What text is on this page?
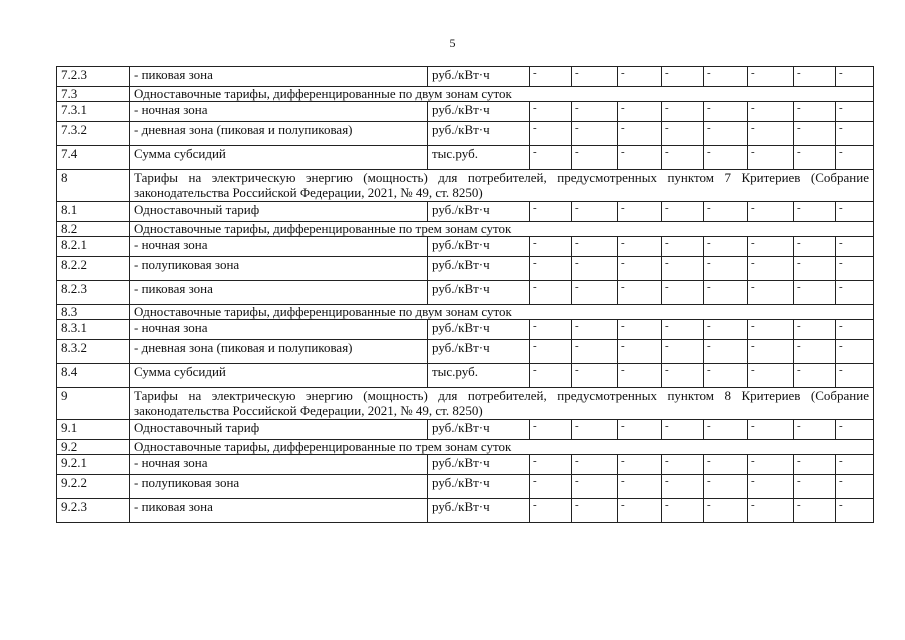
5
7.2.3	- пиковая зона	руб./кВт·ч	-	-	-	-	-	-	-	-
7.3	Одноставочные тарифы, дифференцированные по двум зонам суток									
7.3.1	- ночная зона	руб./кВт·ч	-	-	-	-	-	-	-	-
7.3.2	- дневная зона (пиковая и полупиковая)	руб./кВт·ч	-	-	-	-	-	-	-	-
7.4	Сумма субсидий	тыс.руб.	-	-	-	-	-	-	-	-
8	Тарифы на электрическую энергию (мощность) для потребителей, предусмотренных пунктом 7 Критериев (Собрание законодательства Российской Федерации, 2021, № 49, ст. 8250)									
8.1	Одноставочный тариф	руб./кВт·ч	-	-	-	-	-	-	-	-
8.2	Одноставочные тарифы, дифференцированные по трем зонам суток									
8.2.1	- ночная зона	руб./кВт·ч	-	-	-	-	-	-	-	-
8.2.2	- полупиковая зона	руб./кВт·ч	-	-	-	-	-	-	-	-
8.2.3	- пиковая зона	руб./кВт·ч	-	-	-	-	-	-	-	-
8.3	Одноставочные тарифы, дифференцированные по двум зонам суток									
8.3.1	- ночная зона	руб./кВт·ч	-	-	-	-	-	-	-	-
8.3.2	- дневная зона (пиковая и полупиковая)	руб./кВт·ч	-	-	-	-	-	-	-	-
8.4	Сумма субсидий	тыс.руб.	-	-	-	-	-	-	-	-
9	Тарифы на электрическую энергию (мощность) для потребителей, предусмотренных пунктом 8 Критериев (Собрание законодательства Российской Федерации, 2021, № 49, ст. 8250)									
9.1	Одноставочный тариф	руб./кВт·ч	-	-	-	-	-	-	-	-
9.2	Одноставочные тарифы, дифференцированные по трем зонам суток									
9.2.1	- ночная зона	руб./кВт·ч	-	-	-	-	-	-	-	-
9.2.2	- полупиковая зона	руб./кВт·ч	-	-	-	-	-	-	-	-
9.2.3	- пиковая зона	руб./кВт·ч	-	-	-	-	-	-	-	-
